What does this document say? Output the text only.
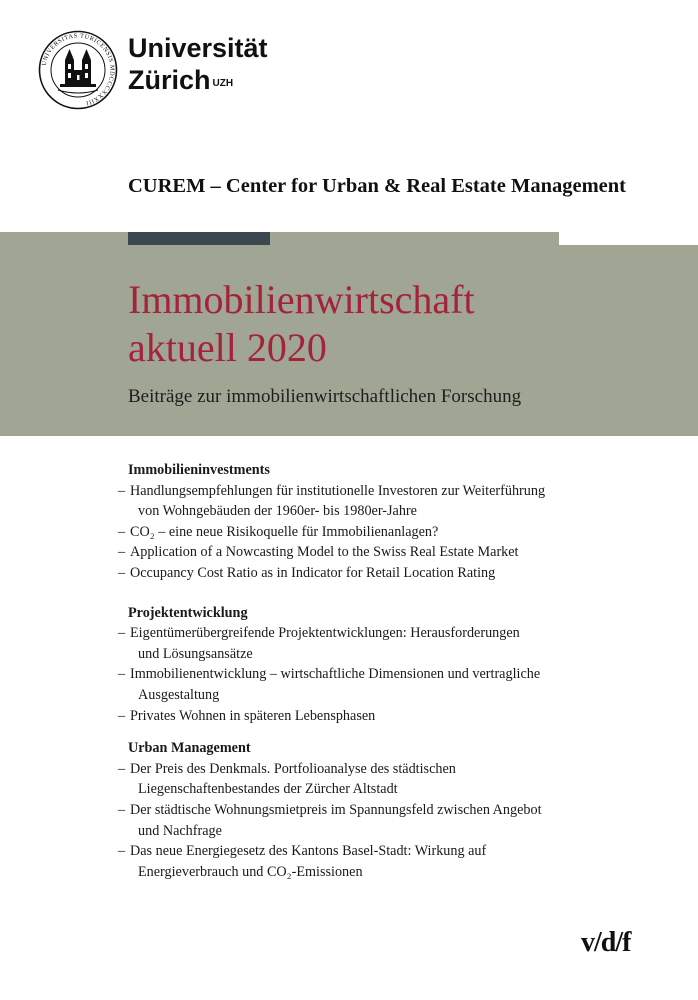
UNIVERSITAS TURICENSIS MDCCCXXXIII
Universität
Zürich $^{UZH}$
CUREM – Center for Urban & Real Estate Management
Immobilienwirtschaft
aktuell 2020
Beiträge zur immobilienwirtschaftlichen Forschung
Immobilieninvestments
– Handlungsempfehlungen für institutionelle Investoren zur Weiterführung
von Wohngebäuden der 1960er- bis 1980er-Jahre
– CO₂ – eine neue Risikoquelle für Immobilienanlagen?
– Application of a Nowcasting Model to the Swiss Real Estate Market
– Occupancy Cost Ratio as in Indicator for Retail Location Rating
Projektentwicklung
– Eigentümerübergreifende Projektentwicklungen: Herausforderungen
und Lösungsansätze
– Immobilienentwicklung – wirtschaftliche Dimensionen und vertragliche
Ausgestaltung
– Privates Wohnen in späteren Lebensphasen
Urban Management
– Der Preis des Denkmals. Portfolioanalyse des städtischen
Liegenschaftenbestandes der Zürcher Altstadt
– Der städtische Wohnungsmietpreis im Spannungsfeld zwischen Angebot
und Nachfrage
– Das neue Energiegesetz des Kantons Basel-Stadt: Wirkung auf
Energieverbrauch und CO₂-Emissionen
v/d/f
